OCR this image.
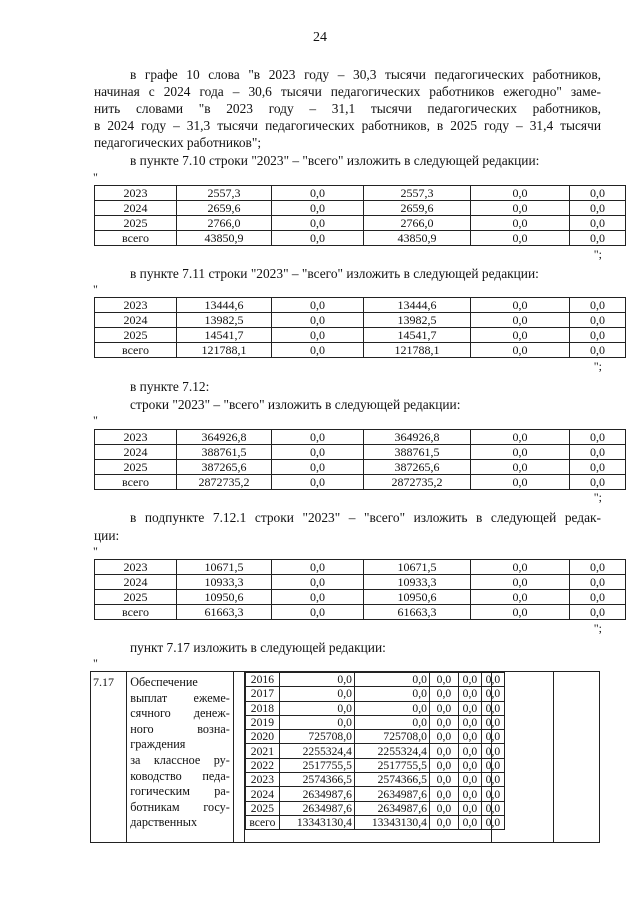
24
в графе 10 слова "в 2023 году – 30,3 тысячи педагогических работников,
начиная с 2024 года – 30,6 тысячи педагогических работников ежегодно" заме-
нить словами "в 2023 году – 31,1 тысячи педагогических работников,
в 2024 году – 31,3 тысячи педагогических работников, в 2025 году – 31,4 тысячи
педагогических работников";
в пункте 7.10 строки "2023" – "всего" изложить в следующей редакции:
"
2023	2557,3	0,0	2557,3	0,0	0,0
2024	2659,6	0,0	2659,6	0,0	0,0
2025	2766,0	0,0	2766,0	0,0	0,0
всего	43850,9	0,0	43850,9	0,0	0,0
";
в пункте 7.11 строки "2023" – "всего" изложить в следующей редакции:
"
2023	13444,6	0,0	13444,6	0,0	0,0
2024	13982,5	0,0	13982,5	0,0	0,0
2025	14541,7	0,0	14541,7	0,0	0,0
всего	121788,1	0,0	121788,1	0,0	0,0
";
в пункте 7.12:
строки "2023" – "всего" изложить в следующей редакции:
"
2023	364926,8	0,0	364926,8	0,0	0,0
2024	388761,5	0,0	388761,5	0,0	0,0
2025	387265,6	0,0	387265,6	0,0	0,0
всего	2872735,2	0,0	2872735,2	0,0	0,0
";
в подпункте 7.12.1 строки "2023" – "всего" изложить в следующей редак-
ции:
"
2023	10671,5	0,0	10671,5	0,0	0,0
2024	10933,3	0,0	10933,3	0,0	0,0
2025	10950,6	0,0	10950,6	0,0	0,0
всего	61663,3	0,0	61663,3	0,0	0,0
";
пункт 7.17 изложить в следующей редакции:
"
7.17	Обеспечение
выплат ежеме-
сячного денеж-
ного возна-
граждения
за классное ру-
ководство педа-
гогическим ра-
ботникам госу-
дарственных

2016	0,0	0,0	0,0	0,0	0,0
2017	0,0	0,0	0,0	0,0	0,0
2018	0,0	0,0	0,0	0,0	0,0
2019	0,0	0,0	0,0	0,0	0,0
2020	725708,0	725708,0	0,0	0,0	0,0
2021	2255324,4	2255324,4	0,0	0,0	0,0
2022	2517755,5	2517755,5	0,0	0,0	0,0
2023	2574366,5	2574366,5	0,0	0,0	0,0
2024	2634987,6	2634987,6	0,0	0,0	0,0
2025	2634987,6	2634987,6	0,0	0,0	0,0
всего	13343130,4	13343130,4	0,0	0,0	0,0
